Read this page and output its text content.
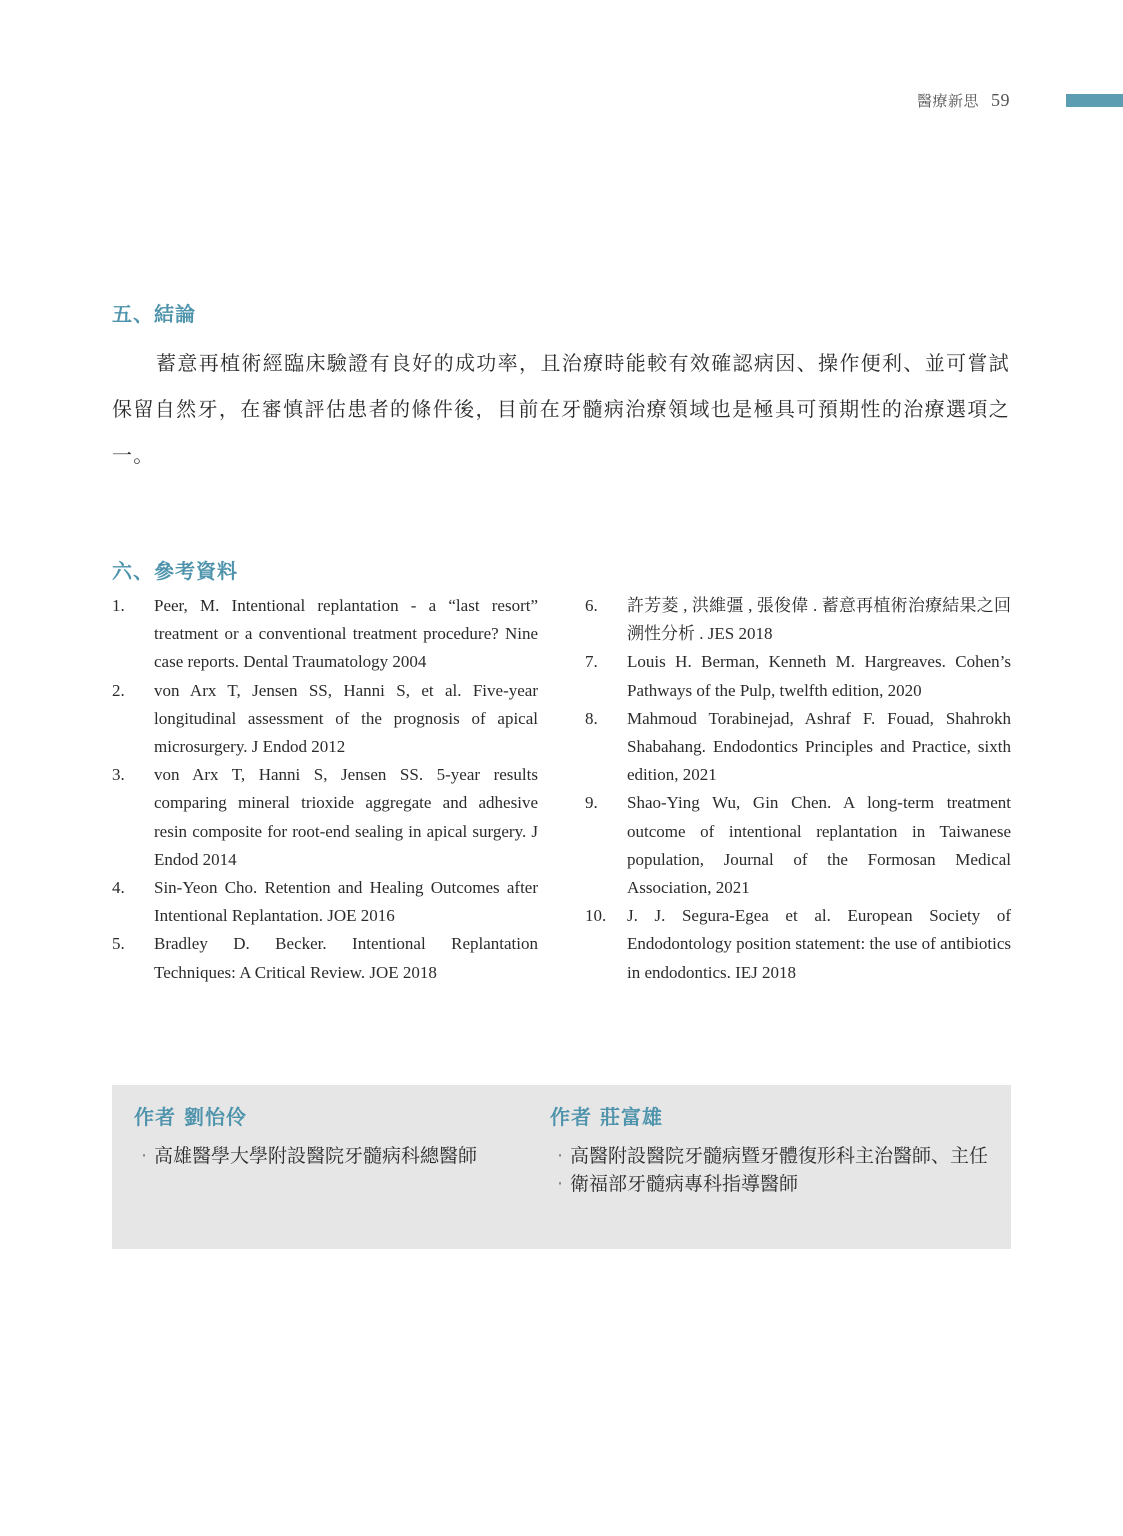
醫療新思 59
五、結論

蓄意再植術經臨床驗證有良好的成功率，且治療時能較有效確認病因、操作便利、並可嘗試保留自然牙，在審慎評估患者的條件後，目前在牙髓病治療領域也是極具可預期性的治療選項之一。

六、參考資料
1.	Peer, M. Intentional replantation - a “last resort” treatment or a conventional treatment procedure? Nine case reports. Dental Traumatology 2004
2.	von Arx T, Jensen SS, Hanni S, et al. Five-year longitudinal assessment of the prognosis of apical microsurgery. J Endod 2012
3.	von Arx T, Hanni S, Jensen SS. 5-year results comparing mineral trioxide aggregate and adhesive resin composite for root-end sealing in apical surgery. J Endod 2014
4.	Sin-Yeon Cho. Retention and Healing Outcomes after Intentional Replantation. JOE 2016
5.	Bradley D. Becker. Intentional Replantation Techniques: A Critical Review. JOE 2018
6.	許芳菱 , 洪維彊 , 張俊偉 . 蓄意再植術治療結果之回溯性分析 . JES 2018
7.	Louis H. Berman, Kenneth M. Hargreaves. Cohen’s Pathways of the Pulp, twelfth edition, 2020
8.	Mahmoud Torabinejad, Ashraf F. Fouad, Shahrokh Shabahang. Endodontics Principles and Practice, sixth edition, 2021
9.	Shao-Ying Wu, Gin Chen. A long-term treatment outcome of intentional replantation in Taiwanese population, Journal of the Formosan Medical Association, 2021
10.	J. J. Segura-Egea et al. European Society of Endodontology position statement: the use of antibiotics in endodontics. IEJ 2018
作者 劉怡伶
· 高雄醫學大學附設醫院牙髓病科總醫師
作者 莊富雄
· 高醫附設醫院牙髓病暨牙體復形科主治醫師、主任
· 衛福部牙髓病專科指導醫師
